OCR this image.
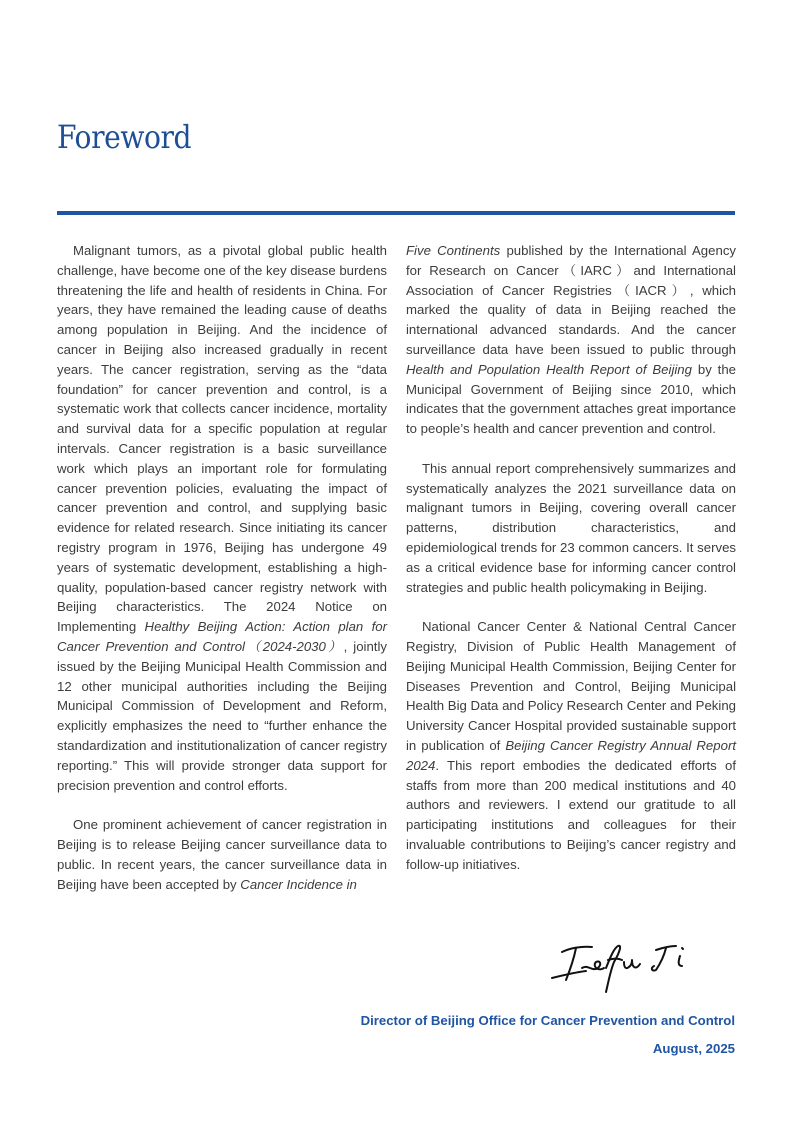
Foreword

Malignant tumors, as a pivotal global public health challenge, have become one of the key disease burdens threatening the life and health of residents in China. For years, they have remained the leading cause of deaths among population in Beijing. And the incidence of cancer in Beijing also increased gradually in recent years. The cancer registration, serving as the “data foundation” for cancer prevention and control, is a systematic work that collects cancer incidence, mortality and survival data for a specific population at regular intervals. Cancer registration is a basic surveillance work which plays an important role for formulating cancer prevention policies, evaluating the impact of cancer prevention and control, and supplying basic evidence for related research. Since initiating its cancer registry program in 1976, Beijing has undergone 49 years of systematic development, establishing a high-quality, population-based cancer registry network with Beijing characteristics. The 2024 Notice on Implementing Healthy Beijing Action: Action plan for Cancer Prevention and Control（2024-2030）, jointly issued by the Beijing Municipal Health Commission and 12 other municipal authorities including the Beijing Municipal Commission of Development and Reform, explicitly emphasizes the need to “further enhance the standardization and institutionalization of cancer registry reporting.” This will provide stronger data support for precision prevention and control efforts.

One prominent achievement of cancer registration in Beijing is to release Beijing cancer surveillance data to public. In recent years, the cancer surveillance data in Beijing have been accepted by Cancer Incidence in

Five Continents published by the International Agency for Research on Cancer（IARC）and International Association of Cancer Registries（IACR）, which marked the quality of data in Beijing reached the international advanced standards. And the cancer surveillance data have been issued to public through Health and Population Health Report of Beijing by the Municipal Government of Beijing since 2010, which indicates that the government attaches great importance to people’s health and cancer prevention and control.

This annual report comprehensively summarizes and systematically analyzes the 2021 surveillance data on malignant tumors in Beijing, covering overall cancer patterns, distribution characteristics, and epidemiological trends for 23 common cancers. It serves as a critical evidence base for informing cancer control strategies and public health policymaking in Beijing.

National Cancer Center & National Central Cancer Registry, Division of Public Health Management of Beijing Municipal Health Commission, Beijing Center for Diseases Prevention and Control, Beijing Municipal Health Big Data and Policy Research Center and Peking University Cancer Hospital provided sustainable support in publication of Beijing Cancer Registry Annual Report 2024. This report embodies the dedicated efforts of staffs from more than 200 medical institutions and 40 authors and reviewers. I extend our gratitude to all participating institutions and colleagues for their invaluable contributions to Beijing’s cancer registry and follow-up initiatives.

Director of Beijing Office for Cancer Prevention and Control
August, 2025
